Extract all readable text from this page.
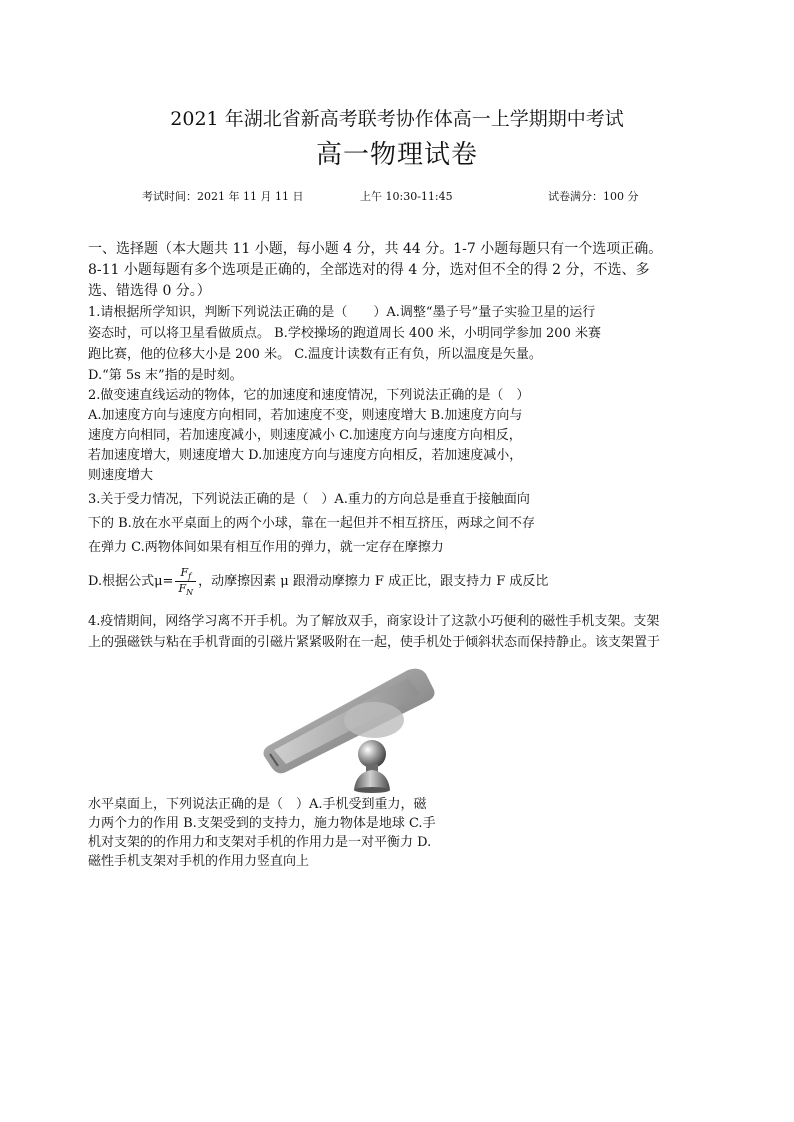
2021 年湖北省新高考联考协作体高一上学期期中考试
高一物理试卷
考试时间：2021 年 11 月 11 日	上午 10:30-11:45	试卷满分：100 分
一、选择题（本大题共 11 小题，每小题 4 分，共 44 分。1-7 小题每题只有一个选项正确。
8-11 小题每题有多个选项是正确的，全部选对的得 4 分，选对但不全的得 2 分，不选、多
选、错选得 0 分。）
1.请根据所学知识，判断下列说法正确的是（　　）A.调整“墨子号”量子实验卫星的运行
姿态时，可以将卫星看做质点。 B.学校操场的跑道周长 400 米，小明同学参加 200 米赛
跑比赛，他的位移大小是 200 米。 C.温度计读数有正有负，所以温度是矢量。
D.“第 5s 末”指的是时刻。
2.做变速直线运动的物体，它的加速度和速度情况，下列说法正确的是（　）
A.加速度方向与速度方向相同，若加速度不变，则速度增大 B.加速度方向与
速度方向相同，若加速度减小，则速度减小 C.加速度方向与速度方向相反，
若加速度增大，则速度增大 D.加速度方向与速度方向相反，若加速度减小，
则速度增大
3.关于受力情况，下列说法正确的是（　）A.重力的方向总是垂直于接触面向
下的 B.放在水平桌面上的两个小球，靠在一起但并不相互挤压，两球之间不存
在弹力 C.两物体间如果有相互作用的弹力，就一定存在摩擦力
D.根据公式$\mu= \frac{F_f}{F_N}$ ，动摩擦因素 μ 跟滑动摩擦力 F 成正比，跟支持力 F 成反比
4.疫情期间，网络学习离不开手机。为了解放双手，商家设计了这款小巧便利的磁性手机支架。支架
上的强磁铁与粘在手机背面的引磁片紧紧吸附在一起，使手机处于倾斜状态而保持静止。该支架置于
水平桌面上，下列说法正确的是（　）A.手机受到重力，磁
力两个力的作用 B.支架受到的支持力，施力物体是地球 C.手
机对支架的的作用力和支架对手机的作用力是一对平衡力 D.
磁性手机支架对手机的作用力竖直向上
